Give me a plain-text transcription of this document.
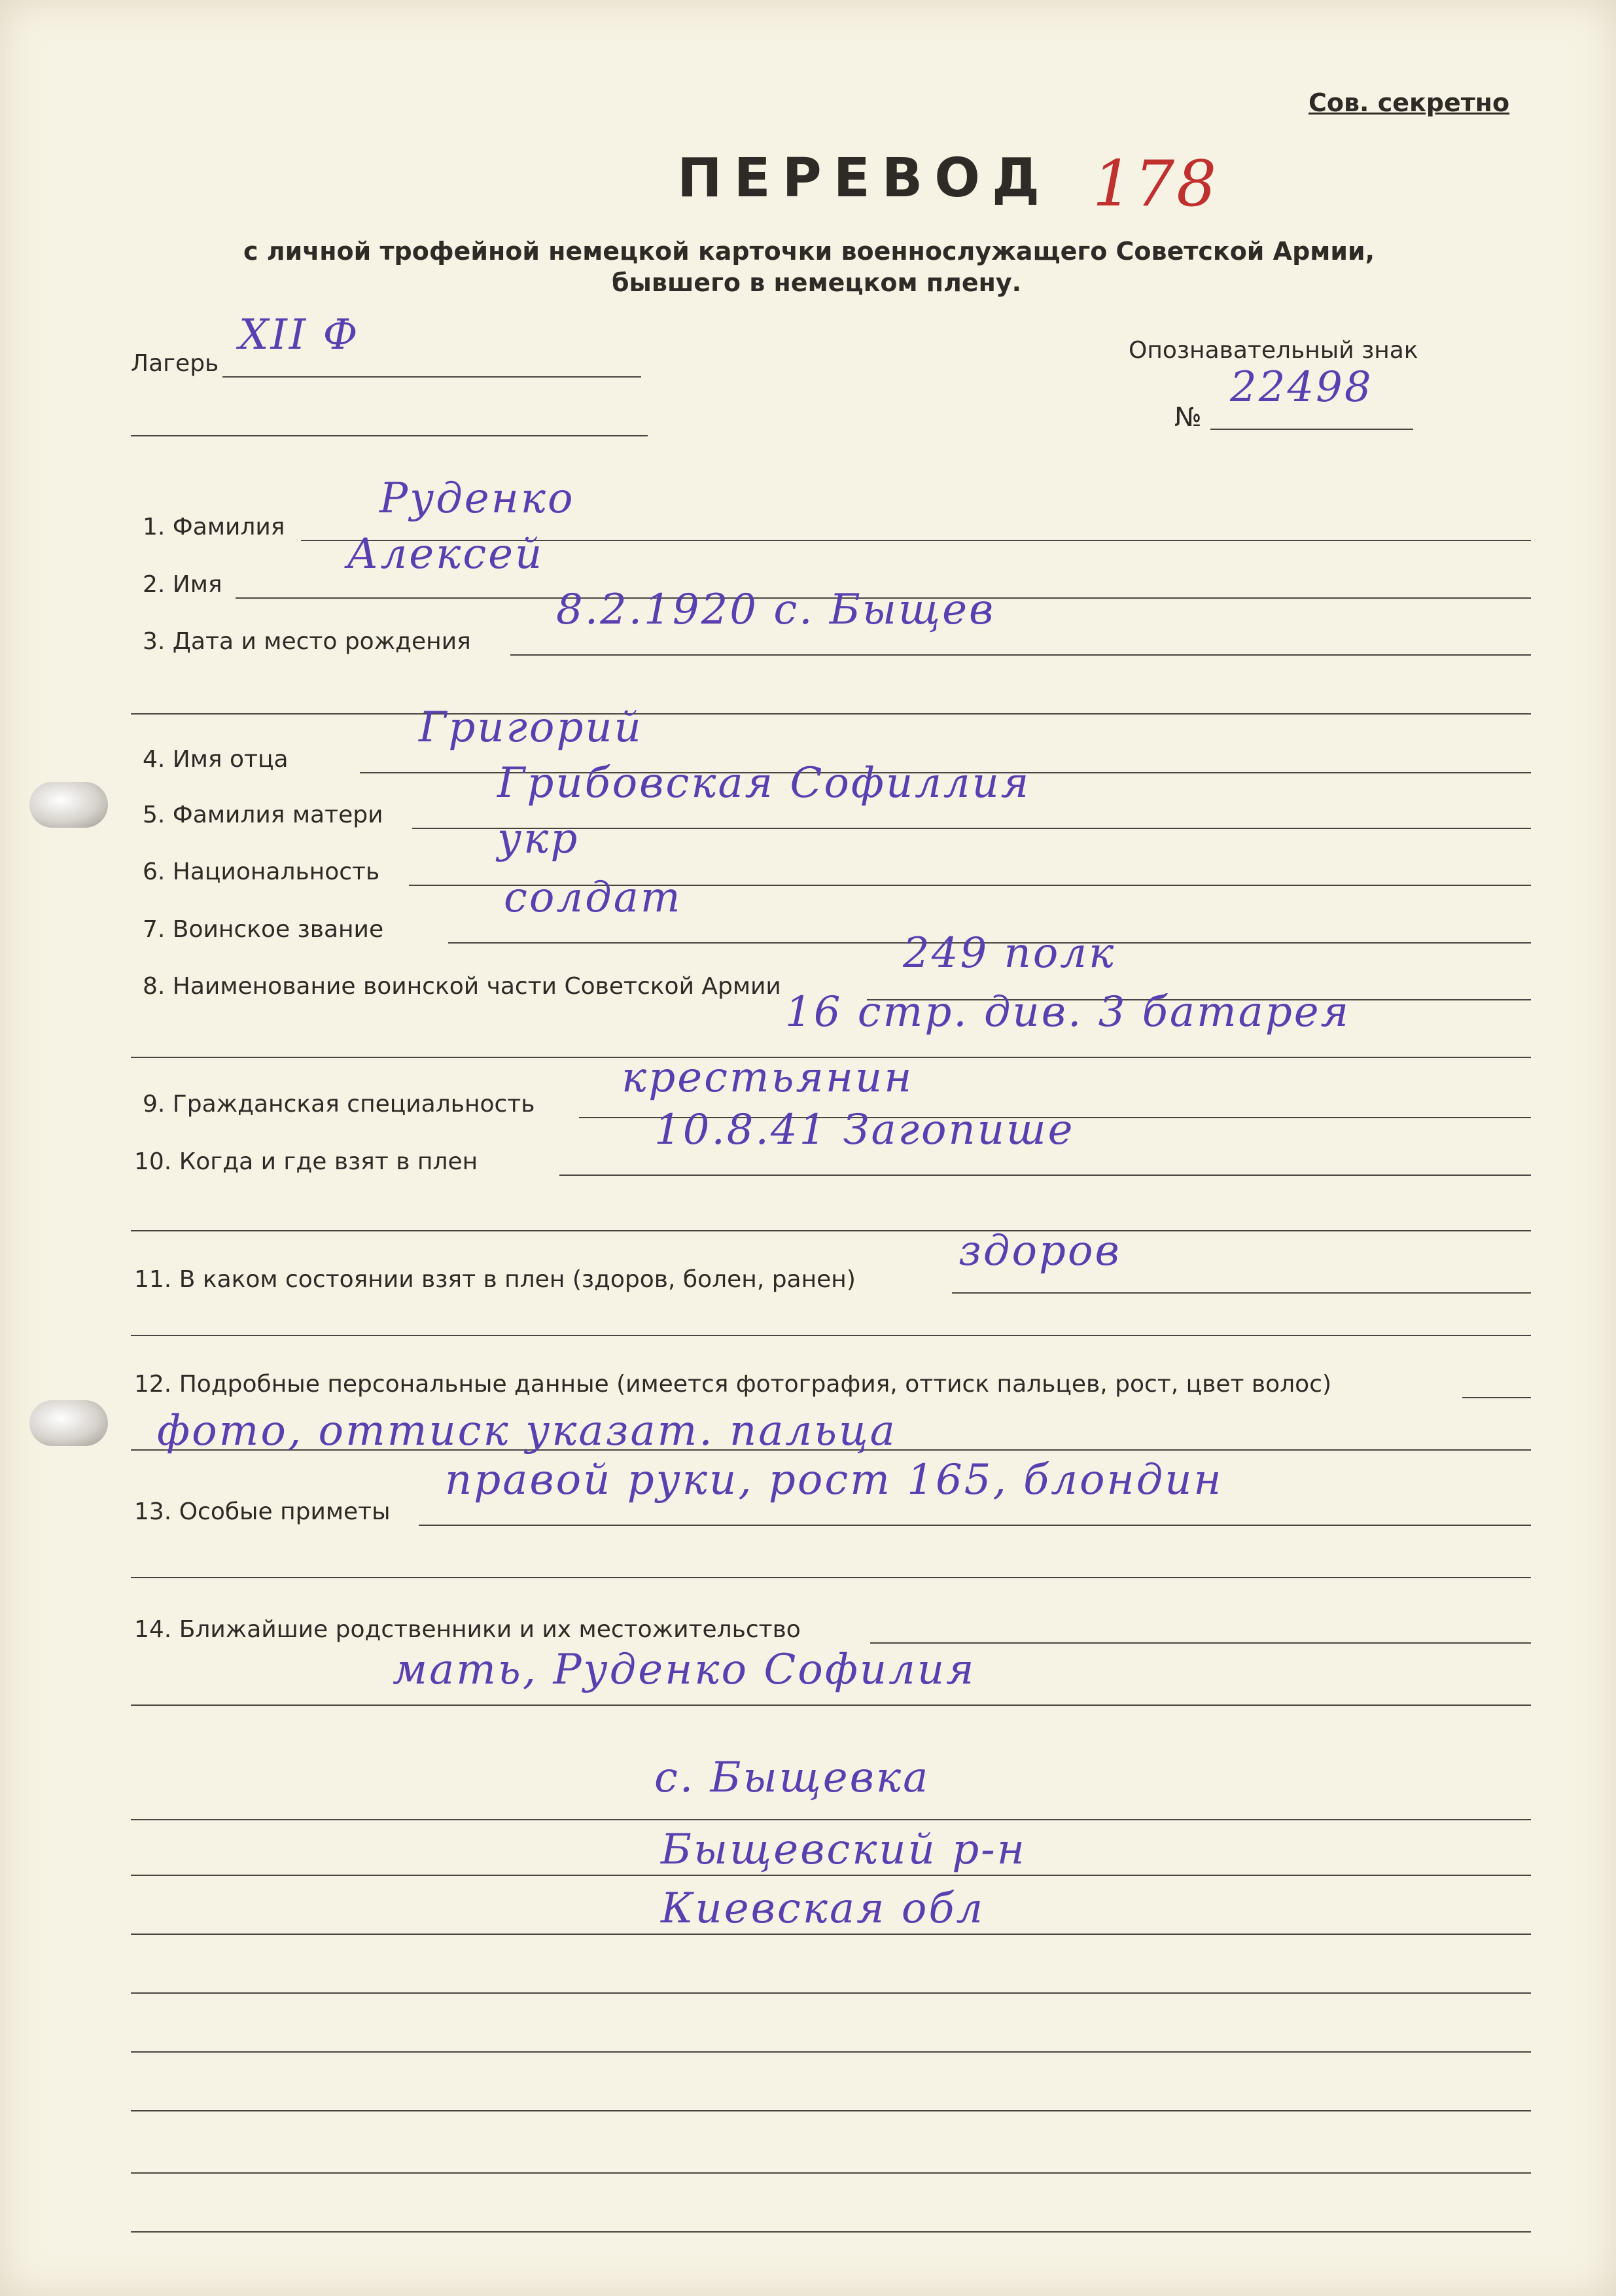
Сов. секретно
ПЕРЕВОД 178
с личной трофейной немецкой карточки военнослужащего Советской Армии,
бывшего в немецком плену.
Лагерь
XII Ф	Опознавательный знак
№
22498
1. Фамилия
Руденко
2. Имя
Алексей
3. Дата и место рождения
8.2.1920 с. Быщев
4. Имя отца
Григорий
5. Фамилия матери
Грибовская Софиллия
6. Национальность
укр
7. Воинское звание
солдат
8. Наименование воинской части Советской Армии
249 полк
16 стр. див. 3 батарея
9. Гражданская специальность
крестьянин
10. Когда и где взят в плен
10.8.41 Загопише
11. В каком состоянии взят в плен (здоров, болен, ранен)
здоров
12. Подробные персональные данные (имеется фотография, оттиск пальцев, рост, цвет волос)
фото, оттиск указат. пальца
13. Особые приметы
правой руки, рост 165, блондин
14. Ближайшие родственники и их местожительство
мать, Руденко Софилия
с. Быщевка
Быщевский р-н
Киевская обл
